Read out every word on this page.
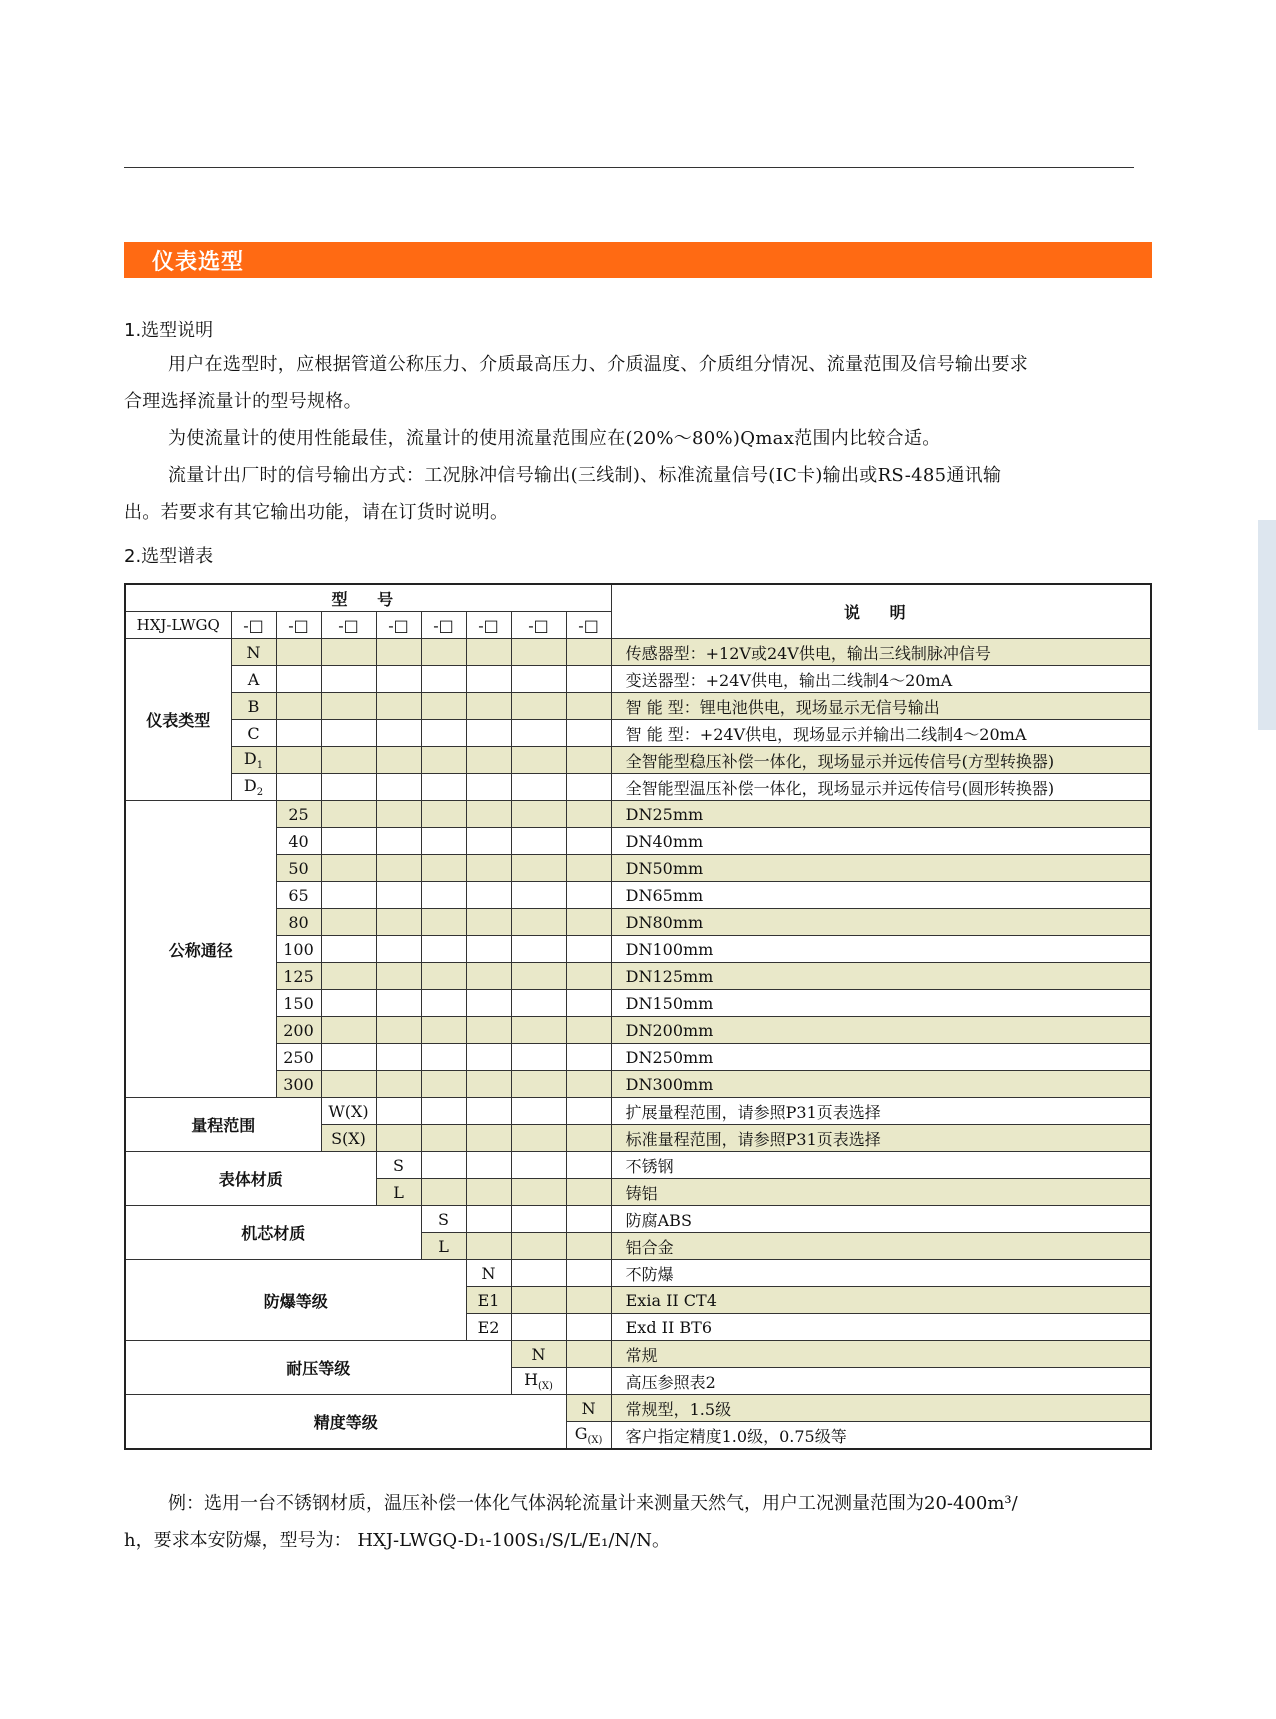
仪表选型
1.选型说明

用户在选型时，应根据管道公称压力、介质最高压力、介质温度、介质组分情况、流量范围及信号输出要求

合理选择流量计的型号规格。

为使流量计的使用性能最佳，流量计的使用流量范围应在(20%～80%)Qmax范围内比较合适。

流量计出厂时的信号输出方式：工况脉冲信号输出(三线制)、标准流量信号(IC卡)输出或RS-485通讯输

出。若要求有其它输出功能，请在订货时说明。

2.选型谱表
型 号									说 明
HXJ-LWGQ	-□	-□	-□	-□	-□	-□	-□	-□	
仪表类型	N								传感器型：+12V或24V供电，输出三线制脉冲信号
	A								变送器型：+24V供电，输出二线制4～20mA
	B								智 能 型：锂电池供电，现场显示无信号输出
	C								智 能 型：+24V供电，现场显示并输出二线制4～20mA
	$D_1$								全智能型稳压补偿一体化，现场显示并远传信号(方型转换器)
	$D_2$								全智能型温压补偿一体化，现场显示并远传信号(圆形转换器)
公称通径		25							DN25mm
		40							DN40mm
		50							DN50mm
		65							DN65mm
		80							DN80mm
		100							DN100mm
		125							DN125mm
		150							DN150mm
		200							DN200mm
		250							DN250mm
		300							DN300mm
量程范围			W(X)						扩展量程范围，请参照P31页表选择
			S(X)						标准量程范围，请参照P31页表选择
表体材质				S					不锈钢
				L					铸铝
机芯材质					S				防腐ABS
					L				铝合金
防爆等级						N			不防爆
						E1			Exia II CT4
						E2			Exd II BT6
耐压等级							N		常规
							$H_{(X)}$		高压参照表2
精度等级								N	常规型，1.5级
								$G_{(X)}$	客户指定精度1.0级，0.75级等

例：选用一台不锈钢材质，温压补偿一体化气体涡轮流量计来测量天然气，用户工况测量范围为20-400m³/

h，要求本安防爆，型号为： HXJ-LWGQ-D₁-100S₁/S/L/E₁/N/N。
